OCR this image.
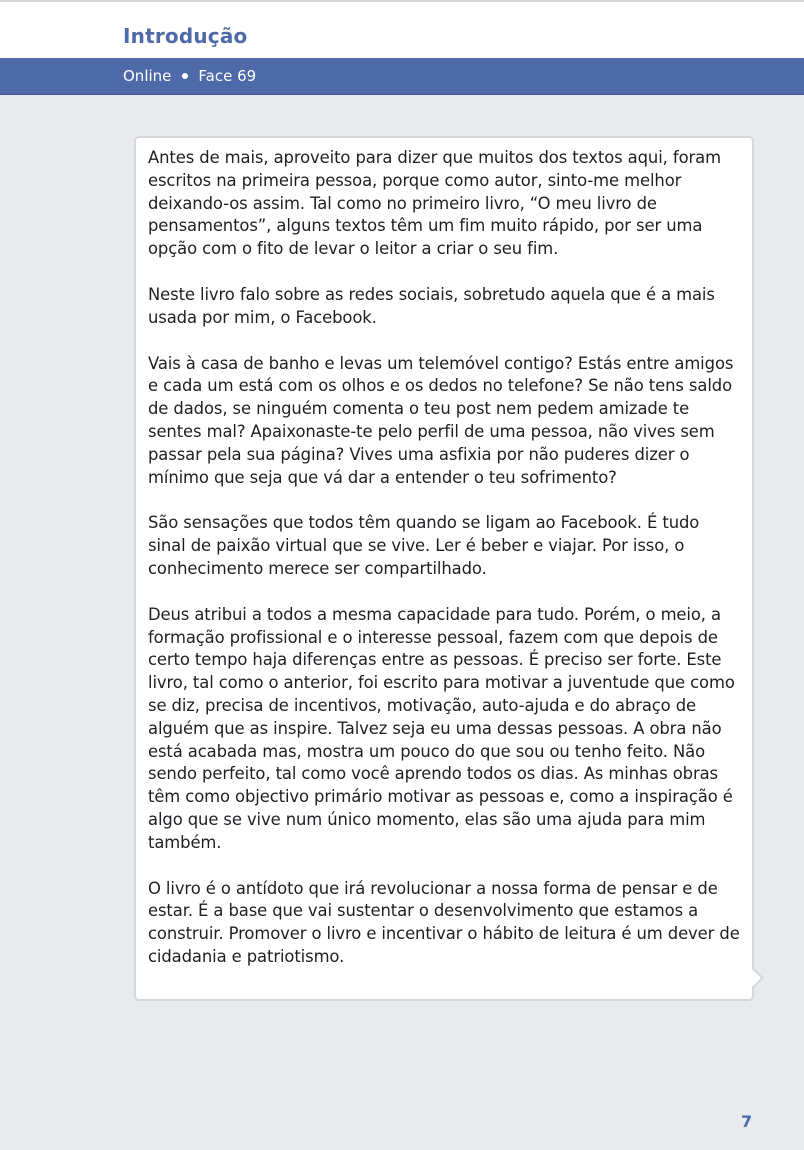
Introdução
Online Face 69

Antes de mais, aproveito para dizer que muitos dos textos aqui, foram escritos na primeira pessoa, porque como autor, sinto-me melhor deixando-os assim. Tal como no primeiro livro, “O meu livro de pensamentos”, alguns textos têm um fim muito rápido, por ser uma opção com o fito de levar o leitor a criar o seu fim.

Neste livro falo sobre as redes sociais, sobretudo aquela que é a mais usada por mim, o Facebook.

Vais à casa de banho e levas um telemóvel contigo? Estás entre amigos e cada um está com os olhos e os dedos no telefone? Se não tens saldo de dados, se ninguém comenta o teu post nem pedem amizade te sentes mal? Apaixonaste-te pelo perfil de uma pessoa, não vives sem passar pela sua página? Vives uma asfixia por não puderes dizer o mínimo que seja que vá dar a entender o teu sofrimento?

São sensações que todos têm quando se ligam ao Facebook. É tudo sinal de paixão virtual que se vive. Ler é beber e viajar. Por isso, o conhecimento merece ser compartilhado.

Deus atribui a todos a mesma capacidade para tudo. Porém, o meio, a formação profissional e o interesse pessoal, fazem com que depois de certo tempo haja diferenças entre as pessoas. É preciso ser forte. Este livro, tal como o anterior, foi escrito para motivar a juventude que como se diz, precisa de incentivos, motivação, auto-ajuda e do abraço de alguém que as inspire. Talvez seja eu uma dessas pessoas. A obra não está acabada mas, mostra um pouco do que sou ou tenho feito. Não sendo perfeito, tal como você aprendo todos os dias. As minhas obras têm como objectivo primário motivar as pessoas e, como a inspiração é algo que se vive num único momento, elas são uma ajuda para mim também.

O livro é o antídoto que irá revolucionar a nossa forma de pensar e de estar. É a base que vai sustentar o desenvolvimento que estamos a construir. Promover o livro e incentivar o hábito de leitura é um dever de cidadania e patriotismo.

7
